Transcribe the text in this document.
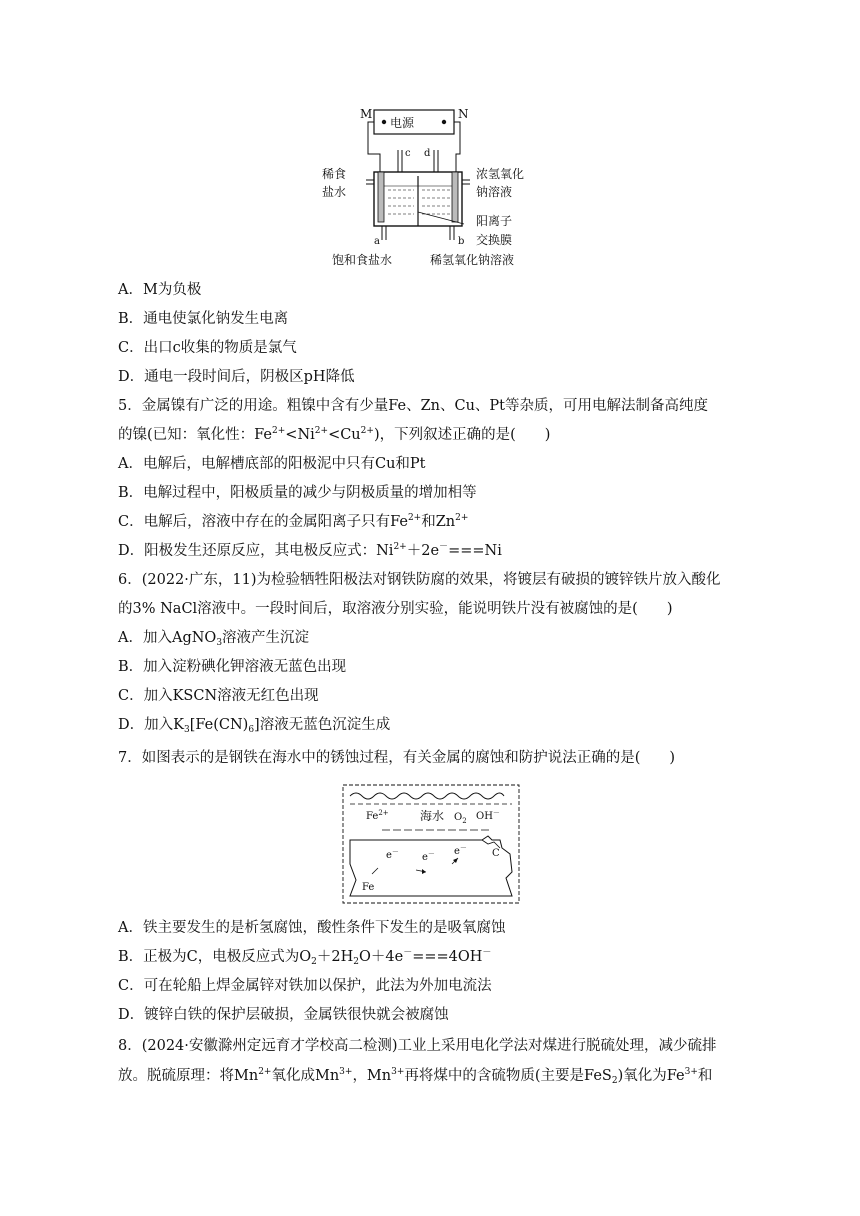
电源
M	N
c d
a	b
稀食
盐水
浓氢氧化
钠溶液
阳离子
交换膜
饱和食盐水	稀氢氧化钠溶液
A．M为负极
B．通电使氯化钠发生电离
C．出口c收集的物质是氯气
D．通电一段时间后，阴极区pH降低
5．金属镍有广泛的用途。粗镍中含有少量Fe、Zn、Cu、Pt等杂质，可用电解法制备高纯度
的镍(已知：氧化性：$Fe^{2+}<Ni^{2+}<Cu^{2+}$)，下列叙述正确的是(　　)
A．电解后，电解槽底部的阳极泥中只有Cu和Pt
B．电解过程中，阳极质量的减少与阴极质量的增加相等
C．电解后，溶液中存在的金属阳离子只有$Fe^{2+}$和$Zn^{2+}$
D．阳极发生还原反应，其电极反应式：$Ni^{2+}+2e^-===Ni$
6．(2022·广东，11)为检验牺牲阳极法对钢铁防腐的效果，将镀层有破损的镀锌铁片放入酸化
的3% NaCl溶液中。一段时间后，取溶液分别实验，能说明铁片没有被腐蚀的是(　　)
A．加入AgNO$_3$溶液产生沉淀
B．加入淀粉碘化钾溶液无蓝色出现
C．加入KSCN溶液无红色出现
D．加入$K_3[Fe(CN)_6]$溶液无蓝色沉淀生成
7．如图表示的是钢铁在海水中的锈蚀过程，有关金属的腐蚀和防护说法正确的是(　　)
$Fe^{2+}$	海水 $O_2$ OH－
C
Fe
e－ e－ e－
A．铁主要发生的是析氢腐蚀，酸性条件下发生的是吸氧腐蚀
B．正极为C，电极反应式为$O_2+2H_2O+4e^-===4OH^-$
C．可在轮船上焊金属锌对铁加以保护，此法为外加电流法
D．镀锌白铁的保护层破损，金属铁很快就会被腐蚀
8．(2024·安徽滁州定远育才学校高二检测)工业上采用电化学法对煤进行脱硫处理，减少硫排
放。脱硫原理：将$Mn^{2+}$氧化成$Mn^{3+}$，$Mn^{3+}$再将煤中的含硫物质(主要是FeS$_2$)氧化为$Fe^{3+}$和
